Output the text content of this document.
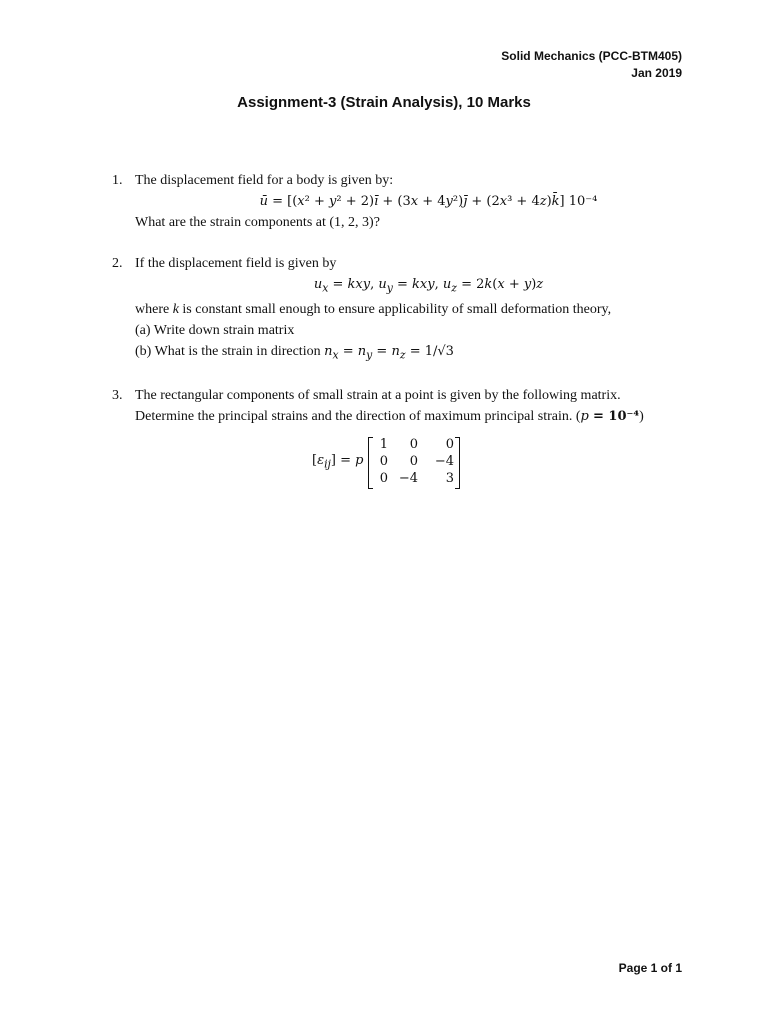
Solid Mechanics (PCC-BTM405)
Jan 2019
Assignment-3 (Strain Analysis), 10 Marks
1. The displacement field for a body is given by:
ū = [(x² + y² + 2)ī + (3x + 4y²)j̄ + (2x³ + 4z)k̄] 10⁻⁴
What are the strain components at (1, 2, 3)?
2. If the displacement field is given by
$u_x$ = kxy, $u_y$ = kxy, $u_z = 2k(x + y)z$
where k is constant small enough to ensure applicability of small deformation theory,
(a) Write down strain matrix
(b) What is the strain in direction $n_x = n_y = n_z = 1/√3$
3. The rectangular components of small strain at a point is given by the following matrix.
Determine the principal strains and the direction of maximum principal strain. (p = 10⁻⁴)
$[\varepsilon_{ij}] = p$
1	0	0
0	0	−4
0 −4	3
Page 1 of 1
